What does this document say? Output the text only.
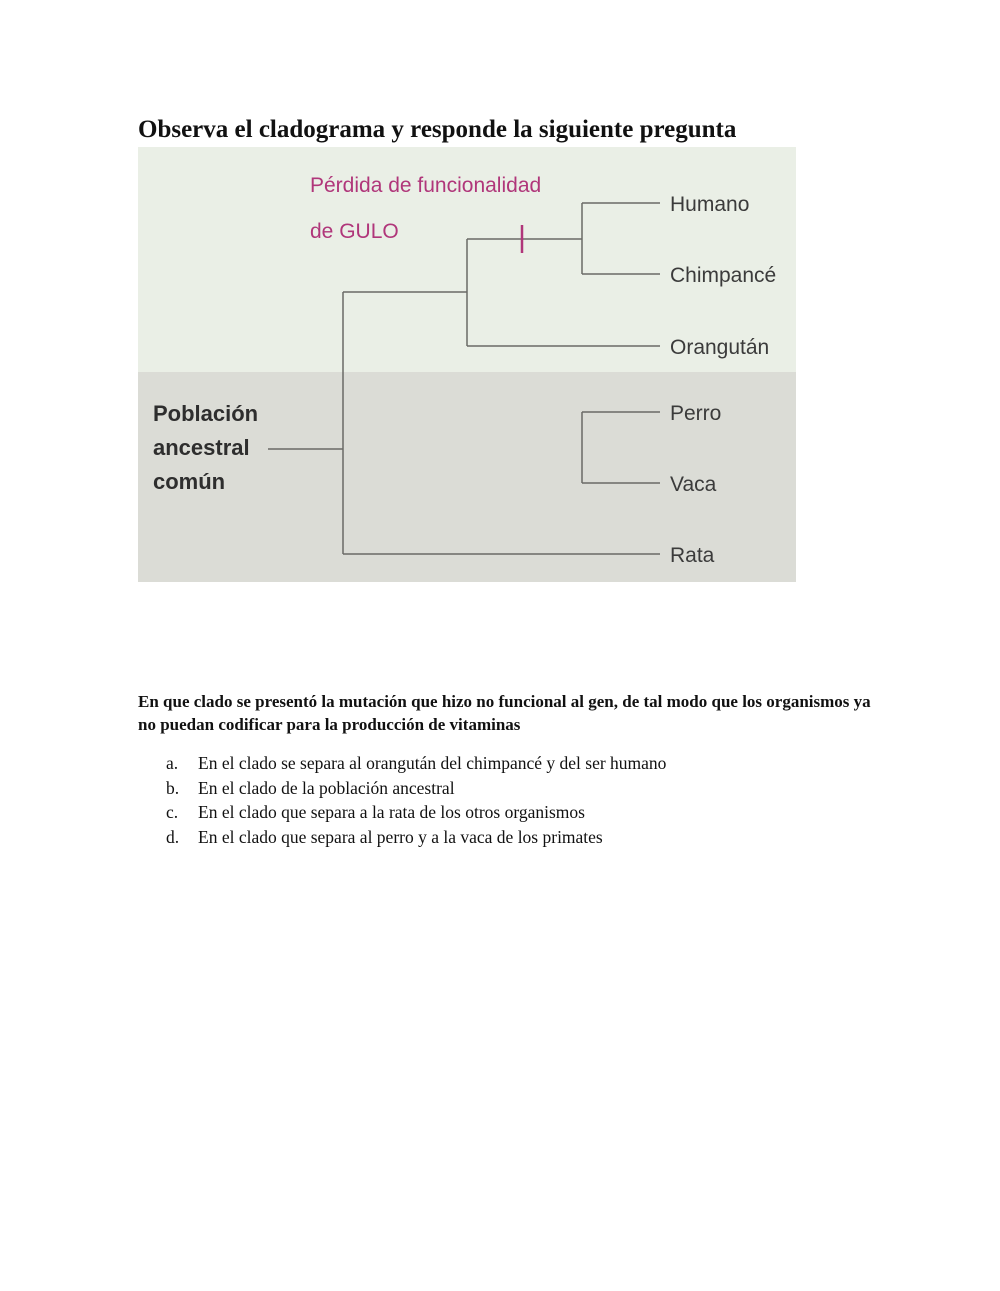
Observa el cladograma y responde la siguiente pregunta
Pérdida de funcionalidad
de GULO
Humano
Chimpancé
Orangután
Perro
Vaca
Rata
Población
ancestral
común

En que clado se presentó la mutación que hizo no funcional al gen, de tal modo que los organismos ya no puedan codificar para la producción de vitaminas

a. En el clado se separa al orangután del chimpancé y del ser humano
b. En el clado de la población ancestral
c. En el clado que separa a la rata de los otros organismos
d. En el clado que separa al perro y a la vaca de los primates
